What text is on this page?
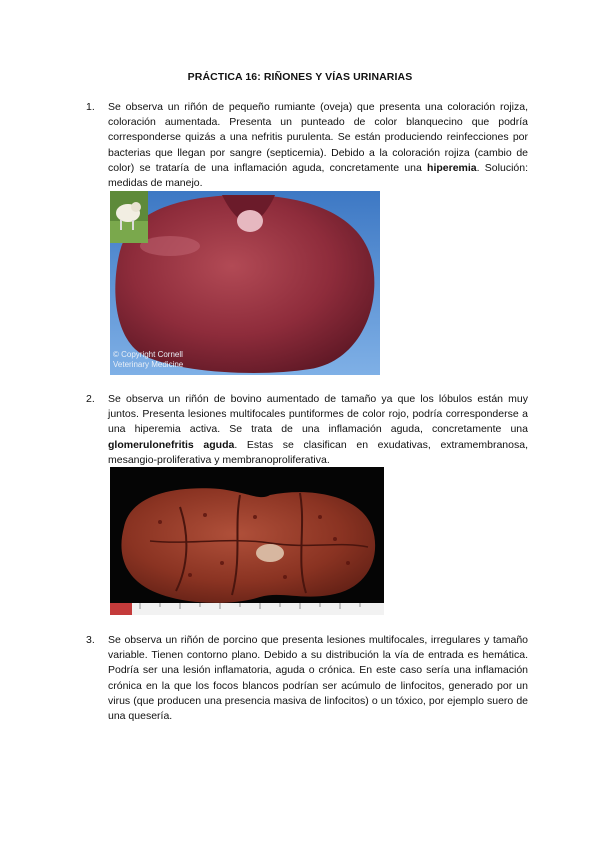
PRÁCTICA 16: RIÑONES Y VÍAS URINARIAS
1. Se observa un riñón de pequeño rumiante (oveja) que presenta una coloración rojiza, coloración aumentada. Presenta un punteado de color blanquecino que podría corresponderse quizás a una nefritis purulenta. Se están produciendo reinfecciones por bacterias que llegan por sangre (septicemia). Debido a la coloración rojiza (cambio de color) se trataría de una inflamación aguda, concretamente una hiperemia. Solución: medidas de manejo.
© Copyright Cornell
Veterinary Medicine
2. Se observa un riñón de bovino aumentado de tamaño ya que los lóbulos están muy juntos. Presenta lesiones multifocales puntiformes de color rojo, podría corresponderse a una hiperemia activa. Se trata de una inflamación aguda, concretamente una glomerulonefritis aguda. Estas se clasifican en exudativas, extramembranosa, mesangio-proliferativa y membranoproliferativa.
3. Se observa un riñón de porcino que presenta lesiones multifocales, irregulares y tamaño variable. Tienen contorno plano. Debido a su distribución la vía de entrada es hemática. Podría ser una lesión inflamatoria, aguda o crónica. En este caso sería una inflamación crónica en la que los focos blancos podrían ser acúmulo de linfocitos, generado por un virus (que producen una presencia masiva de linfocitos) o un tóxico, por ejemplo suero de una quesería.
